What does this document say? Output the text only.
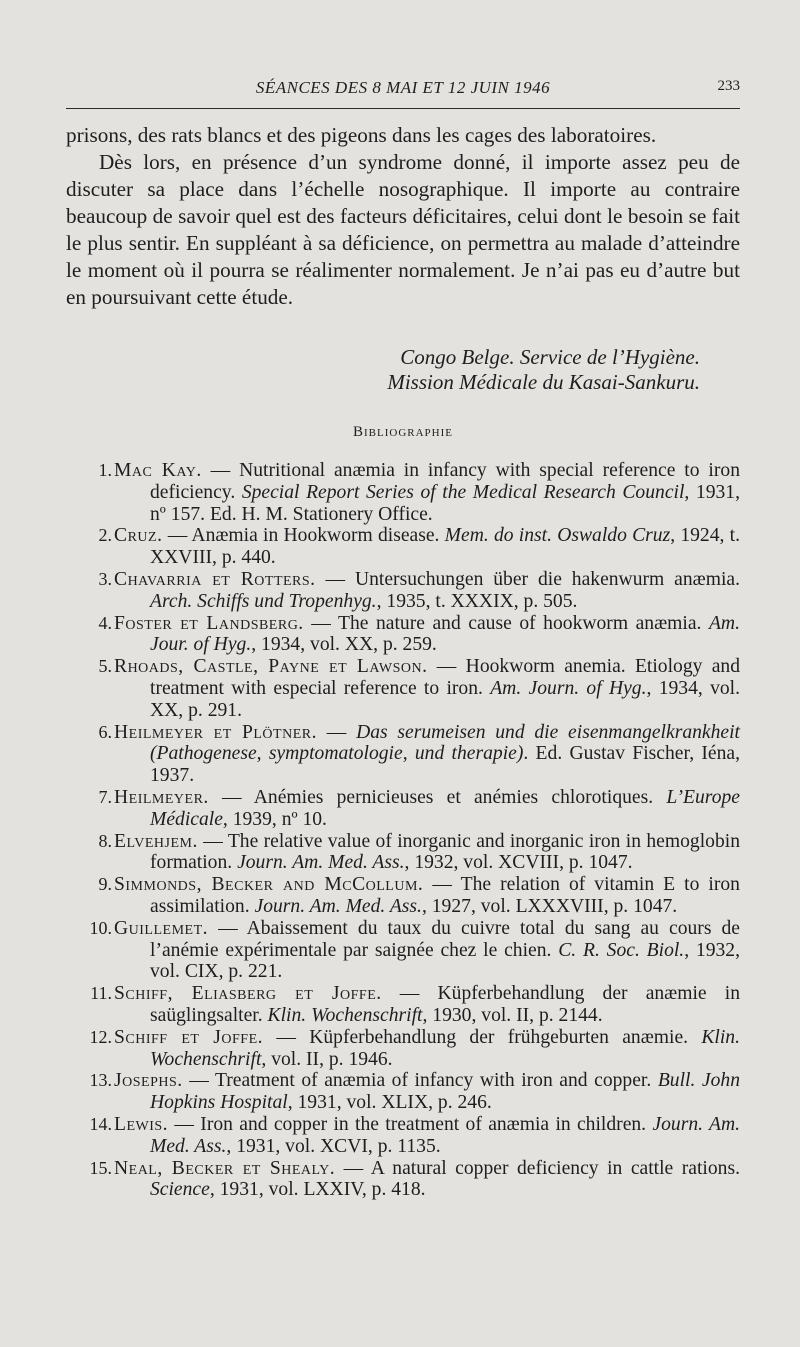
SÉANCES DES 8 MAI ET 12 JUIN 1946	233

prisons, des rats blancs et des pigeons dans les cages des laboratoires.

Dès lors, en présence d’un syndrome donné, il importe assez peu de discuter sa place dans l’échelle nosographique. Il importe au contraire beaucoup de savoir quel est des facteurs déficitaires, celui dont le besoin se fait le plus sentir. En suppléant à sa déficience, on permettra au malade d’atteindre le moment où il pourra se réalimenter normalement. Je n’ai pas eu d’autre but en poursuivant cette étude.

Congo Belge. Service de l’Hygiène.
Mission Médicale du Kasai-Sankuru.
Bibliographie
1. Mac Kay. — Nutritional anæmia in infancy with special reference to iron deficiency. Special Report Series of the Medical Research Council, 1931, nº 157. Ed. H. M. Stationery Office.
2. Cruz. — Anæmia in Hookworm disease. Mem. do inst. Oswaldo Cruz, 1924, t. XXVIII, p. 440.
3. Chavarria et Rotters. — Untersuchungen über die hakenwurm anæmia. Arch. Schiffs und Tropenhyg., 1935, t. XXXIX, p. 505.
4. Foster et Landsberg. — The nature and cause of hookworm anæmia. Am. Jour. of Hyg., 1934, vol. XX, p. 259.
5. Rhoads, Castle, Payne et Lawson. — Hookworm anemia. Etiology and treatment with especial reference to iron. Am. Journ. of Hyg., 1934, vol. XX, p. 291.
6. Heilmeyer et Plötner. — Das serumeisen und die eisenmangelkrankheit (Pathogenese, symptomatologie, und therapie). Ed. Gustav Fischer, Iéna, 1937.
7. Heilmeyer. — Anémies pernicieuses et anémies chlorotiques. L’Europe Médicale, 1939, nº 10.
8. Elvehjem. — The relative value of inorganic and inorganic iron in hemoglobin formation. Journ. Am. Med. Ass., 1932, vol. XCVIII, p. 1047.
9. Simmonds, Becker and McCollum. — The relation of vitamin E to iron assimilation. Journ. Am. Med. Ass., 1927, vol. LXXXVIII, p. 1047.
10. Guillemet. — Abaissement du taux du cuivre total du sang au cours de l’anémie expérimentale par saignée chez le chien. C. R. Soc. Biol., 1932, vol. CIX, p. 221.
11. Schiff, Eliasberg et Joffe. — Küpferbehandlung der anæmie in saüglingsalter. Klin. Wochenschrift, 1930, vol. II, p. 2144.
12. Schiff et Joffe. — Küpferbehandlung der frühgeburten anæmie. Klin. Wochenschrift, vol. II, p. 1946.
13. Josephs. — Treatment of anæmia of infancy with iron and copper. Bull. John Hopkins Hospital, 1931, vol. XLIX, p. 246.
14. Lewis. — Iron and copper in the treatment of anæmia in children. Journ. Am. Med. Ass., 1931, vol. XCVI, p. 1135.
15. Neal, Becker et Shealy. — A natural copper deficiency in cattle rations. Science, 1931, vol. LXXIV, p. 418.
